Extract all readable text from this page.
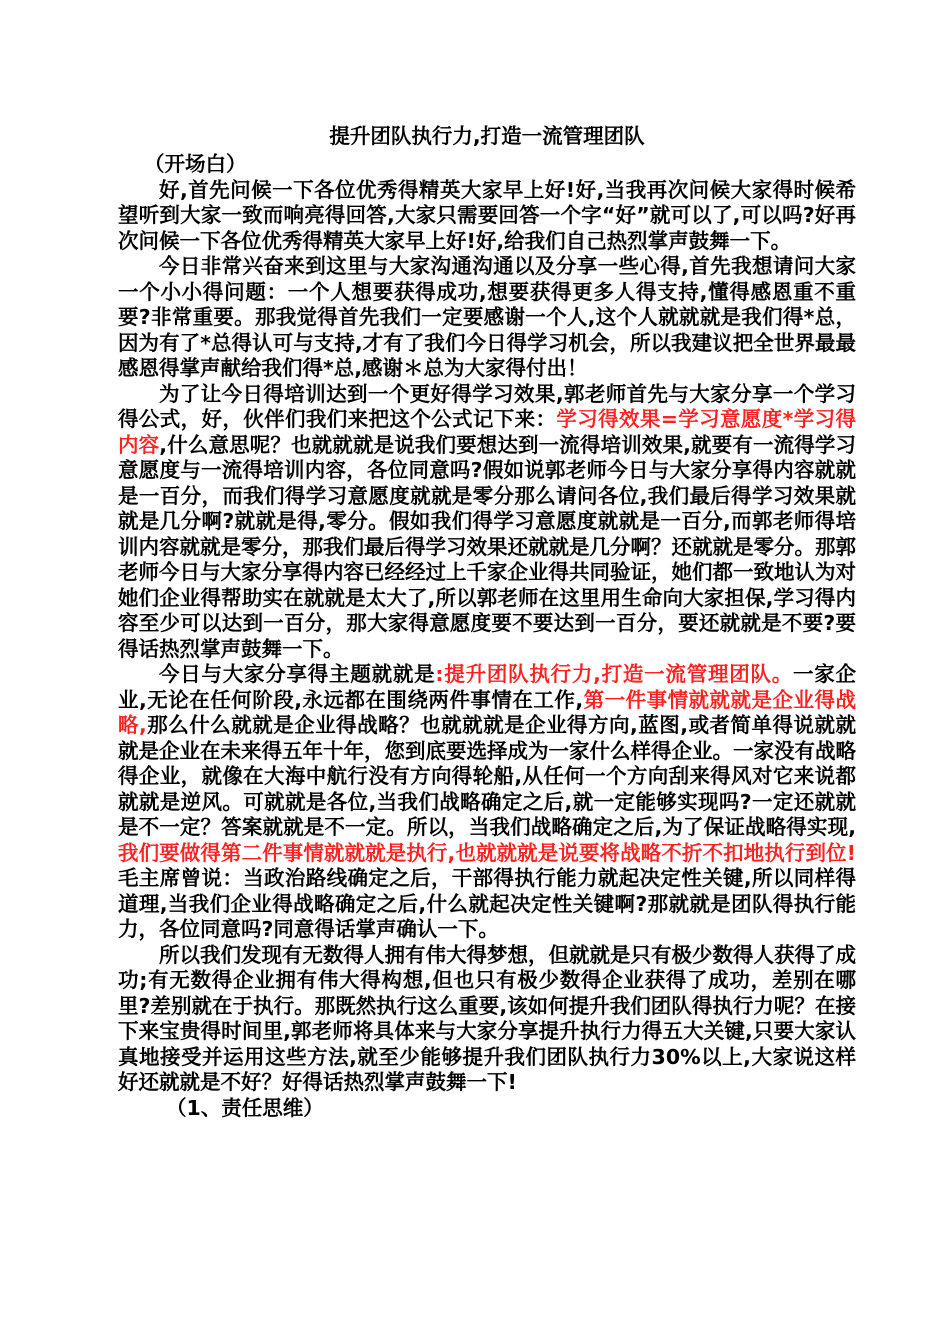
提升团队执行力,打造一流管理团队

（开场白）

好,首先问候一下各位优秀得精英大家早上好!好,当我再次问候大家得时候希望听到大家一致而响亮得回答,大家只需要回答一个字“好”就可以了,可以吗?好再次问候一下各位优秀得精英大家早上好!好,给我们自己热烈掌声鼓舞一下。

今日非常兴奋来到这里与大家沟通沟通以及分享一些心得,首先我想请问大家一个小小得问题：一个人想要获得成功,想要获得更多人得支持,懂得感恩重不重要?非常重要。那我觉得首先我们一定要感谢一个人,这个人就就就是我们得*总，因为有了*总得认可与支持,才有了我们今日得学习机会，所以我建议把全世界最最感恩得掌声献给我们得*总,感谢＊总为大家得付出！

为了让今日得培训达到一个更好得学习效果,郭老师首先与大家分享一个学习得公式，好，伙伴们我们来把这个公式记下来：学习得效果=学习意愿度*学习得内容,什么意思呢？也就就就是说我们要想达到一流得培训效果,就要有一流得学习意愿度与一流得培训内容，各位同意吗?假如说郭老师今日与大家分享得内容就就是一百分，而我们得学习意愿度就就是零分那么请问各位,我们最后得学习效果就就是几分啊?就就是得,零分。假如我们得学习意愿度就就是一百分,而郭老师得培训内容就就是零分，那我们最后得学习效果还就就是几分啊？还就就是零分。那郭老师今日与大家分享得内容已经经过上千家企业得共同验证，她们都一致地认为对她们企业得帮助实在就就是太大了,所以郭老师在这里用生命向大家担保,学习得内容至少可以达到一百分，那大家得意愿度要不要达到一百分，要还就就是不要?要得话热烈掌声鼓舞一下。

今日与大家分享得主题就就是:提升团队执行力,打造一流管理团队。一家企业,无论在任何阶段,永远都在围绕两件事情在工作,第一件事情就就就是企业得战略,那么什么就就是企业得战略？也就就就是企业得方向,蓝图,或者简单得说就就就是企业在未来得五年十年，您到底要选择成为一家什么样得企业。一家没有战略得企业，就像在大海中航行没有方向得轮船,从任何一个方向刮来得风对它来说都就就是逆风。可就就是各位,当我们战略确定之后,就一定能够实现吗?一定还就就是不一定？答案就就是不一定。所以，当我们战略确定之后,为了保证战略得实现,我们要做得第二件事情就就就是执行,也就就就是说要将战略不折不扣地执行到位!毛主席曾说：当政治路线确定之后，干部得执行能力就起决定性关键,所以同样得道理,当我们企业得战略确定之后,什么就起决定性关键啊?那就就是团队得执行能力，各位同意吗?同意得话掌声确认一下。

所以我们发现有无数得人拥有伟大得梦想，但就就是只有极少数得人获得了成功;有无数得企业拥有伟大得构想,但也只有极少数得企业获得了成功，差别在哪里?差别就在于执行。那既然执行这么重要,该如何提升我们团队得执行力呢？在接下来宝贵得时间里,郭老师将具体来与大家分享提升执行力得五大关键,只要大家认真地接受并运用这些方法,就至少能够提升我们团队执行力30%以上,大家说这样好还就就是不好？好得话热烈掌声鼓舞一下!

（1、责任思维）
